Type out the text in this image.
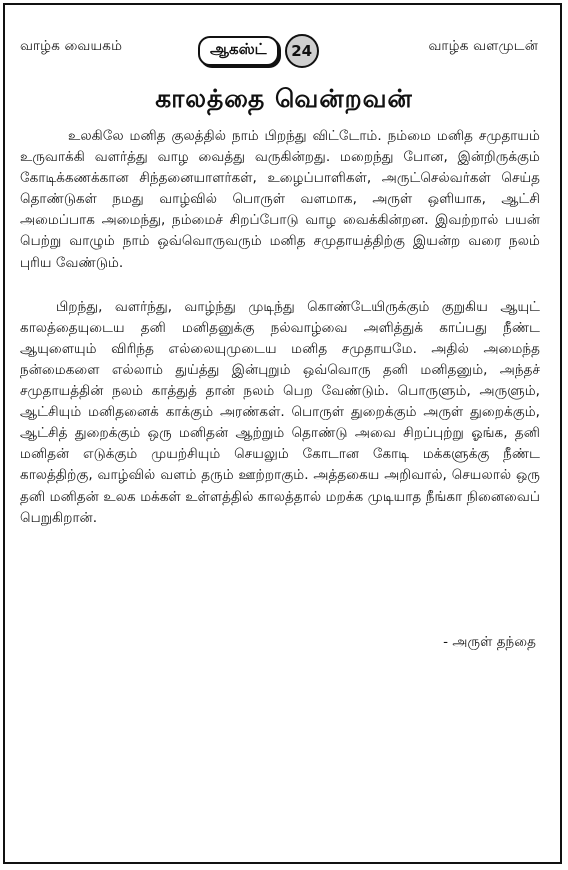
வாழ்க வையகம்	ஆகஸ்ட்	24	வாழ்க வளமுடன்
காலத்தை வென்றவன்

உலகிலே மனித குலத்தில் நாம் பிறந்து விட்டோம். நம்மை மனித சமுதாயம் உருவாக்கி வளர்த்து வாழ வைத்து வருகின்றது. மறைந்து போன, இன்றிருக்கும் கோடிக்கணக்கான சிந்தனையாளர்கள், உழைப்பாளிகள், அருட்செல்வர்கள் செய்த தொண்டுகள் நமது வாழ்வில் பொருள் வளமாக, அருள் ஒளியாக, ஆட்சி அமைப்பாக அமைந்து, நம்மைச் சிறப்போடு வாழ வைக்கின்றன. இவற்றால் பயன் பெற்று வாழும் நாம் ஒவ்வொருவரும் மனித சமுதாயத்திற்கு இயன்ற வரை நலம் புரிய வேண்டும்.

பிறந்து, வளர்ந்து, வாழ்ந்து முடிந்து கொண்டேயிருக்கும் குறுகிய ஆயுட் காலத்தையுடைய தனி மனிதனுக்கு நல்வாழ்வை அளித்துக் காப்பது நீண்ட ஆயுளையும் விரிந்த எல்லையுமுடைய மனித சமுதாயமே. அதில் அமைந்த நன்மைகளை எல்லாம் துய்த்து இன்புறும் ஒவ்வொரு தனி மனிதனும், அந்தச் சமுதாயத்தின் நலம் காத்துத் தான் நலம் பெற வேண்டும். பொருளும், அருளும், ஆட்சியும் மனிதனைக் காக்கும் அரண்கள். பொருள் துறைக்கும் அருள் துறைக்கும், ஆட்சித் துறைக்கும் ஒரு மனிதன் ஆற்றும் தொண்டு அவை சிறப்புற்று ஓங்க, தனி மனிதன் எடுக்கும் முயற்சியும் செயலும் கோடான கோடி மக்களுக்கு நீண்ட காலத்திற்கு, வாழ்வில் வளம் தரும் ஊற்றாகும். அத்தகைய அறிவால், செயலால் ஒரு தனி மனிதன் உலக மக்கள் உள்ளத்தில் காலத்தால் மறக்க முடியாத நீங்கா நினைவைப் பெறுகிறான்.

- அருள் தந்தை
